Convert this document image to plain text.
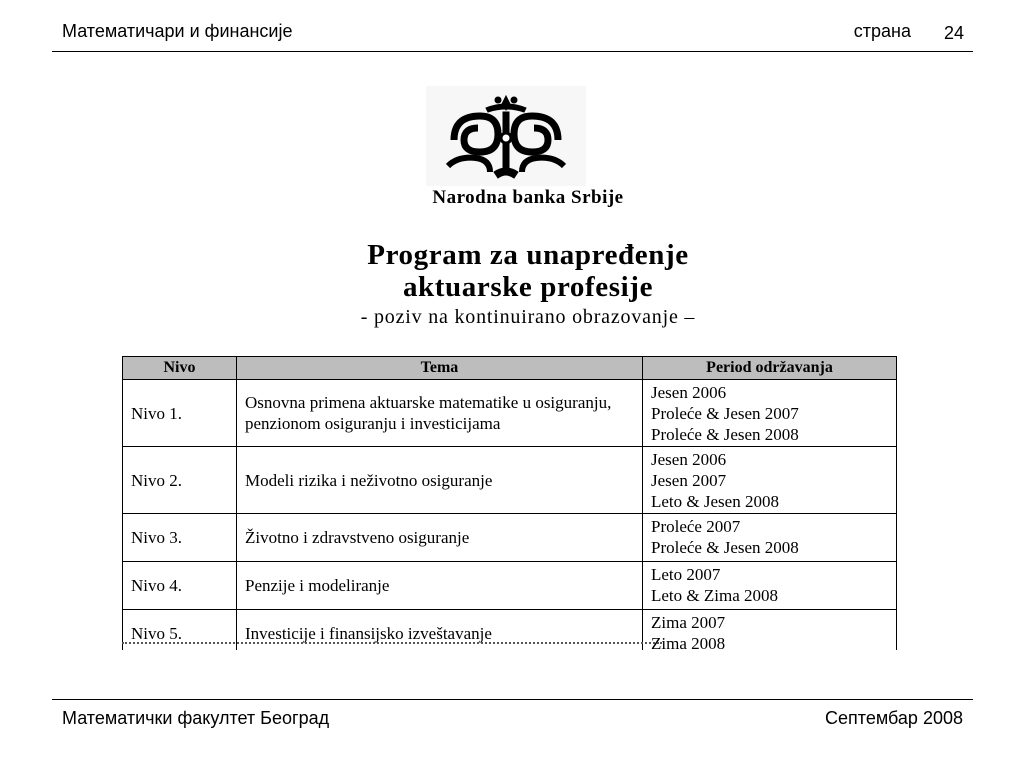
Математичари и финансије	страна 24
Narodna banka Srbije
Program za unapređenje
aktuarske profesije
- poziv na kontinuirano obrazovanje –
Nivo	Tema	Period održavanja
Nivo 1.	Osnovna primena aktuarske matematike u osiguranju, penzionom osiguranju i investicijama	Jesen 2006
Proleće & Jesen 2007
Proleće & Jesen 2008

Nivo 2.	Modeli rizika i neživotno osiguranje	Jesen 2006
Jesen 2007
Leto & Jesen 2008

Nivo 3.	Životno i zdravstveno osiguranje	Proleće 2007
Proleće & Jesen 2008

Nivo 4.	Penzije i modeliranje	Leto 2007
Leto & Zima 2008

Nivo 5.	Investicije i finansijsko izveštavanje	Zima 2007
Zima 2008
Математички факултет Београд	Септембар 2008
